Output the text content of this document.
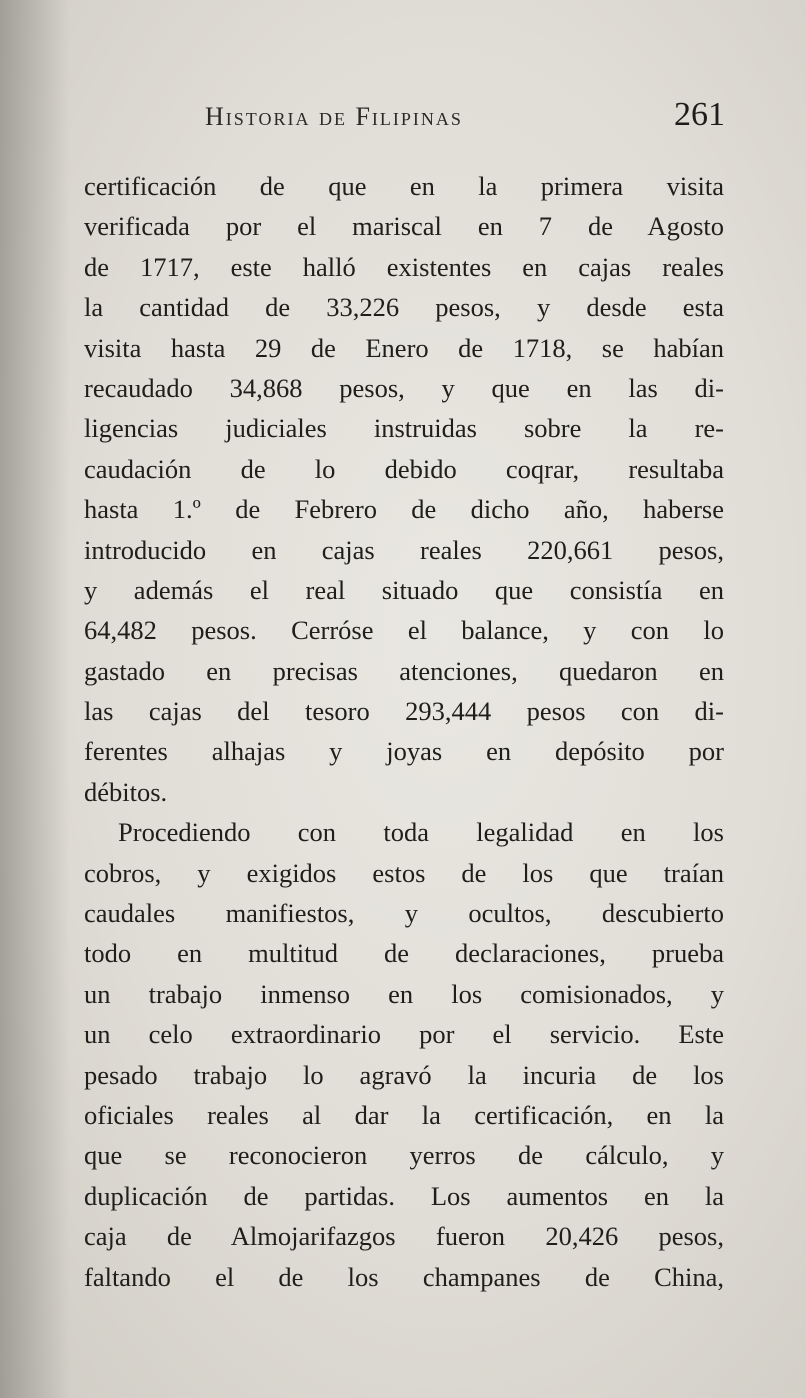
Historia de Filipinas	261
certificación de que en la primera visita
verificada por el mariscal en 7 de Agosto
de 1717, este halló existentes en cajas reales
la cantidad de 33,226 pesos, y desde esta
visita hasta 29 de Enero de 1718, se habían
recaudado 34,868 pesos, y que en las di-
ligencias judiciales instruidas sobre la re-
caudación de lo debido coqrar, resultaba
hasta 1.º de Febrero de dicho año, haberse
introducido en cajas reales 220,661 pesos,
y además el real situado que consistía en
64,482 pesos. Cerróse el balance, y con lo
gastado en precisas atenciones, quedaron en
las cajas del tesoro 293,444 pesos con di-
ferentes alhajas y joyas en depósito por
débitos.
Procediendo con toda legalidad en los
cobros, y exigidos estos de los que traían
caudales manifiestos, y ocultos, descubierto
todo en multitud de declaraciones, prueba
un trabajo inmenso en los comisionados, y
un celo extraordinario por el servicio. Este
pesado trabajo lo agravó la incuria de los
oficiales reales al dar la certificación, en la
que se reconocieron yerros de cálculo, y
duplicación de partidas. Los aumentos en la
caja de Almojarifazgos fueron 20,426 pesos,
faltando el de los champanes de China,
